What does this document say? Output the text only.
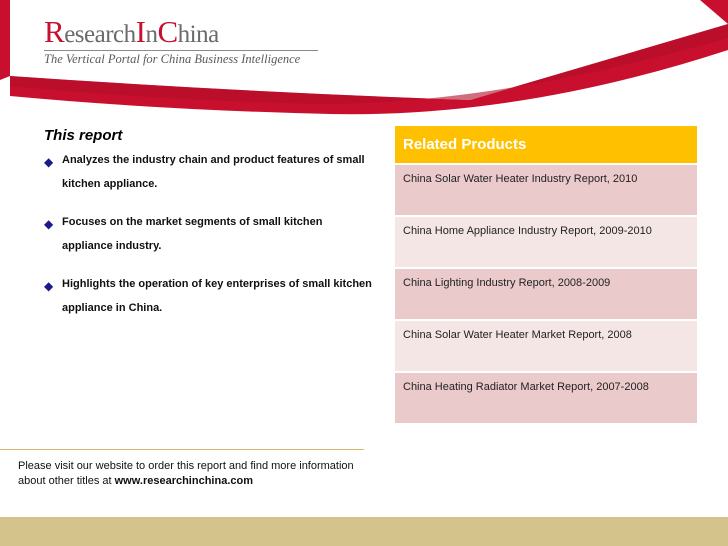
ResearchInChina
The Vertical Portal for China Business Intelligence
This report
◆ Analyzes the industry chain and product features of small kitchen appliance.
◆ Focuses on the market segments of small kitchen appliance industry.
◆ Highlights the operation of key enterprises of small kitchen appliance in China.
Related Products
China Solar Water Heater Industry Report, 2010
China Home Appliance Industry Report, 2009-2010
China Lighting Industry Report, 2008-2009
China Solar Water Heater Market Report, 2008
China Heating Radiator Market Report, 2007-2008
Please visit our website to order this report and find more information about other titles at www.researchinchina.com
